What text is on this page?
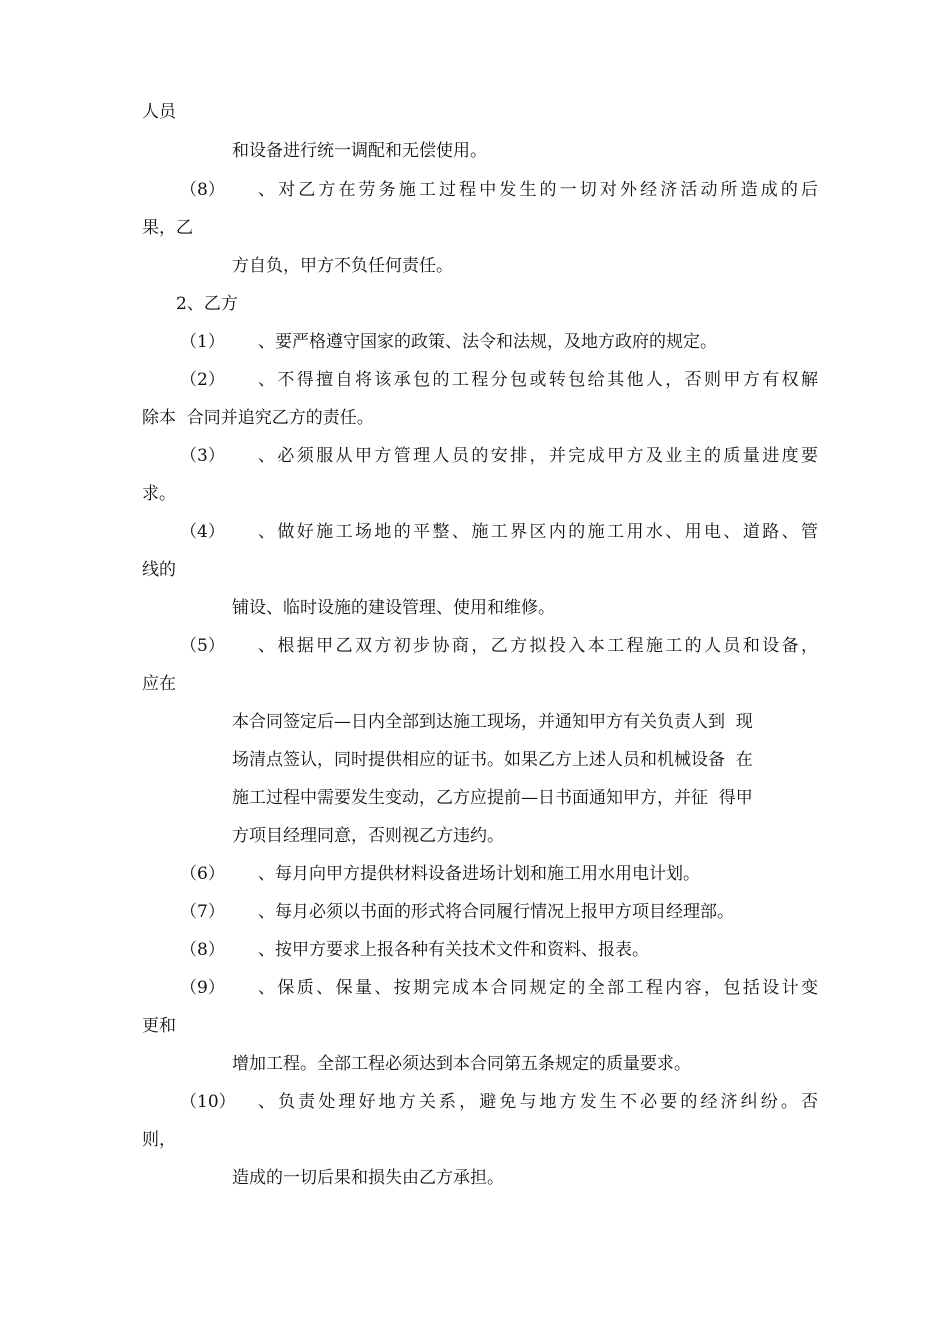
人员
和设备进行统一调配和无偿使用。
（8） 、对乙方在劳务施工过程中发生的一切对外经济活动所造成的后
果，乙
方自负，甲方不负任何责任。
2、乙方
（1） 、要严格遵守国家的政策、法令和法规，及地方政府的规定。
（2） 、不得擅自将该承包的工程分包或转包给其他人，否则甲方有权解
除本  合同并追究乙方的责任。
（3） 、必须服从甲方管理人员的安排，并完成甲方及业主的质量进度要
求。
（4） 、做好施工场地的平整、施工界区内的施工用水、用电、道路、管
线的
铺设、临时设施的建设管理、使用和维修。
（5） 、根据甲乙双方初步协商，乙方拟投入本工程施工的人员和设备，
应在
本合同签定后—日内全部到达施工现场，并通知甲方有关负责人到  现
场清点签认，同时提供相应的证书。如果乙方上述人员和机械设备  在
施工过程中需要发生变动，乙方应提前—日书面通知甲方，并征  得甲
方项目经理同意，否则视乙方违约。
（6） 、每月向甲方提供材料设备进场计划和施工用水用电计划。
（7） 、每月必须以书面的形式将合同履行情况上报甲方项目经理部。
（8） 、按甲方要求上报各种有关技术文件和资料、报表。
（9） 、保质、保量、按期完成本合同规定的全部工程内容，包括设计变
更和
增加工程。全部工程必须达到本合同第五条规定的质量要求。
（10） 、负责处理好地方关系，避免与地方发生不必要的经济纠纷。否
则，
造成的一切后果和损失由乙方承担。
